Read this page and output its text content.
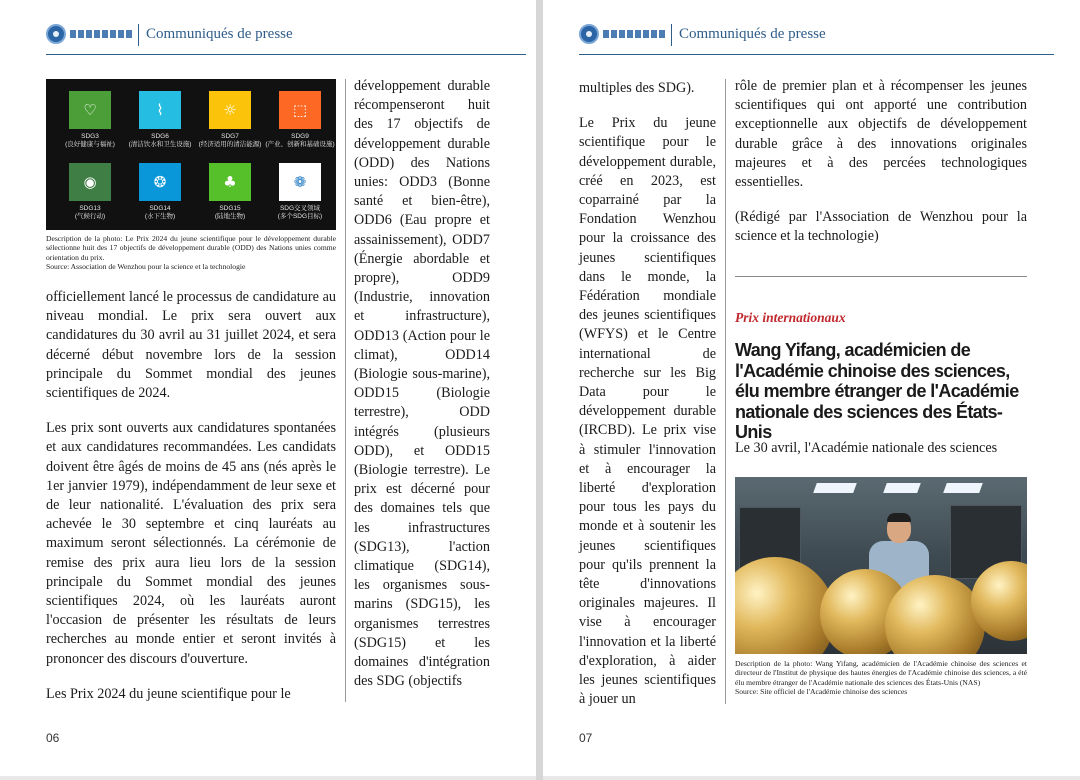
Communiqués de presse
♡
SDG3
(良好健康与福祉)
⌇
SDG6
(清洁饮水和卫生设施)
☼
SDG7
(经济适用的清洁能源)
⬚
SDG9
(产业、创新和基础设施)
◉
SDG13
(气候行动)
❂
SDG14
(水下生物)
♣
SDG15
(陆地生物)
❁
SDG交叉领域
(多个SDG目标)
Description de la photo: Le Prix 2024 du jeune scientifique pour le développement durable sélectionne huit des 17 objectifs de développement durable (ODD) des Nations unies comme orientation du prix.
Source: Association de Wenzhou pour la science et la technologie

officiellement lancé le processus de candidature au niveau mondial. Le prix sera ouvert aux candidatures du 30 avril au 31 juillet 2024, et sera décerné début novembre lors de la session principale du Sommet mondial des jeunes scientifiques de 2024.

Les prix sont ouverts aux candidatures spontanées et aux candidatures recommandées. Les candidats doivent être âgés de moins de 45 ans (nés après le 1er janvier 1979), indépendamment de leur sexe et de leur nationalité. L'évaluation des prix sera achevée le 30 septembre et cinq lauréats au maximum seront sélectionnés. La cérémonie de remise des prix aura lieu lors de la session principale du Sommet mondial des jeunes scientifiques 2024, où les lauréats auront l'occasion de présenter les résultats de leurs recherches au monde entier et seront invités à prononcer des discours d'ouverture.

Les Prix 2024 du jeune scientifique pour le

développement durable récompenseront huit des 17 objectifs de développement durable (ODD) des Nations unies: ODD3 (Bonne santé et bien-être), ODD6 (Eau propre et assainissement), ODD7 (Énergie abordable et propre), ODD9 (Industrie, innovation et infrastructure), ODD13 (Action pour le climat), ODD14 (Biologie sous-marine), ODD15 (Biologie terrestre), ODD intégrés (plusieurs ODD), et ODD15 (Biologie terrestre). Le prix est décerné pour des domaines tels que les infrastructures (SDG13), l'action climatique (SDG14), les organismes sous-marins (SDG15), les organismes terrestres (SDG15) et les domaines d'intégration des SDG (objectifs

06
Communiqués de presse
07

multiples des SDG).

Le Prix du jeune scientifique pour le développement durable, créé en 2023, est coparrainé par la Fondation Wenzhou pour la croissance des jeunes scientifiques dans le monde, la Fédération mondiale des jeunes scientifiques (WFYS) et le Centre international de recherche sur les Big Data pour le développement durable (IRCBD). Le prix vise à stimuler l'innovation et à encourager la liberté d'exploration pour tous les pays du monde et à soutenir les jeunes scientifiques pour qu'ils prennent la tête d'innovations originales majeures. Il vise à encourager l'innovation et la liberté d'exploration, à aider les jeunes scientifiques à jouer un

rôle de premier plan et à récompenser les jeunes scientifiques qui ont apporté une contribution exceptionnelle aux objectifs de développement durable grâce à des innovations originales majeures et à des percées technologiques essentielles.

(Rédigé par l'Association de Wenzhou pour la science et la technologie)

Prix internationaux
Wang Yifang, académicien de l'Académie chinoise des sciences, élu membre étranger de l'Académie nationale des sciences des États-Unis
Le 30 avril, l'Académie nationale des sciences
Description de la photo: Wang Yifang, académicien de l'Académie chinoise des sciences et directeur de l'Institut de physique des hautes énergies de l'Académie chinoise des sciences, a été élu membre étranger de l'Académie nationale des sciences des États-Unis (NAS)
Source: Site officiel de l'Académie chinoise des sciences
